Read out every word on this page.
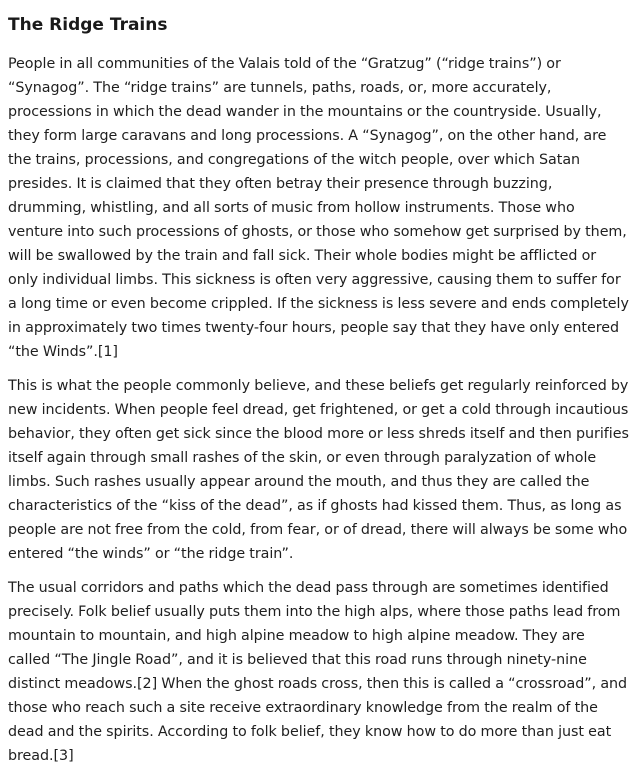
The Ridge Trains

People in all communities of the Valais told of the “Gratzug” (“ridge trains”) or “Synagog”. The “ridge trains” are tunnels, paths, roads, or, more accurately, processions in which the dead wander in the mountains or the countryside. Usually, they form large caravans and long processions. A “Synagog”, on the other hand, are the trains, processions, and congregations of the witch people, over which Satan presides. It is claimed that they often betray their presence through buzzing, drumming, whistling, and all sorts of music from hollow instruments. Those who venture into such processions of ghosts, or those who somehow get surprised by them, will be swallowed by the train and fall sick. Their whole bodies might be afflicted or only individual limbs. This sickness is often very aggressive, causing them to suffer for a long time or even become crippled. If the sickness is less severe and ends completely in approximately two times twenty-four hours, people say that they have only entered “the Winds”.[1]

This is what the people commonly believe, and these beliefs get regularly reinforced by new incidents. When people feel dread, get frightened, or get a cold through incautious behavior, they often get sick since the blood more or less shreds itself and then purifies itself again through small rashes of the skin, or even through paralyzation of whole limbs. Such rashes usually appear around the mouth, and thus they are called the characteristics of the “kiss of the dead”, as if ghosts had kissed them. Thus, as long as people are not free from the cold, from fear, or of dread, there will always be some who entered “the winds” or “the ridge train”.

The usual corridors and paths which the dead pass through are sometimes identified precisely. Folk belief usually puts them into the high alps, where those paths lead from mountain to mountain, and high alpine meadow to high alpine meadow. They are called “The Jingle Road”, and it is believed that this road runs through ninety-nine distinct meadows.[2] When the ghost roads cross, then this is called a “crossroad”, and those who reach such a site receive extraordinary knowledge from the realm of the dead and the spirits. According to folk belief, they know how to do more than just eat bread.[3]
